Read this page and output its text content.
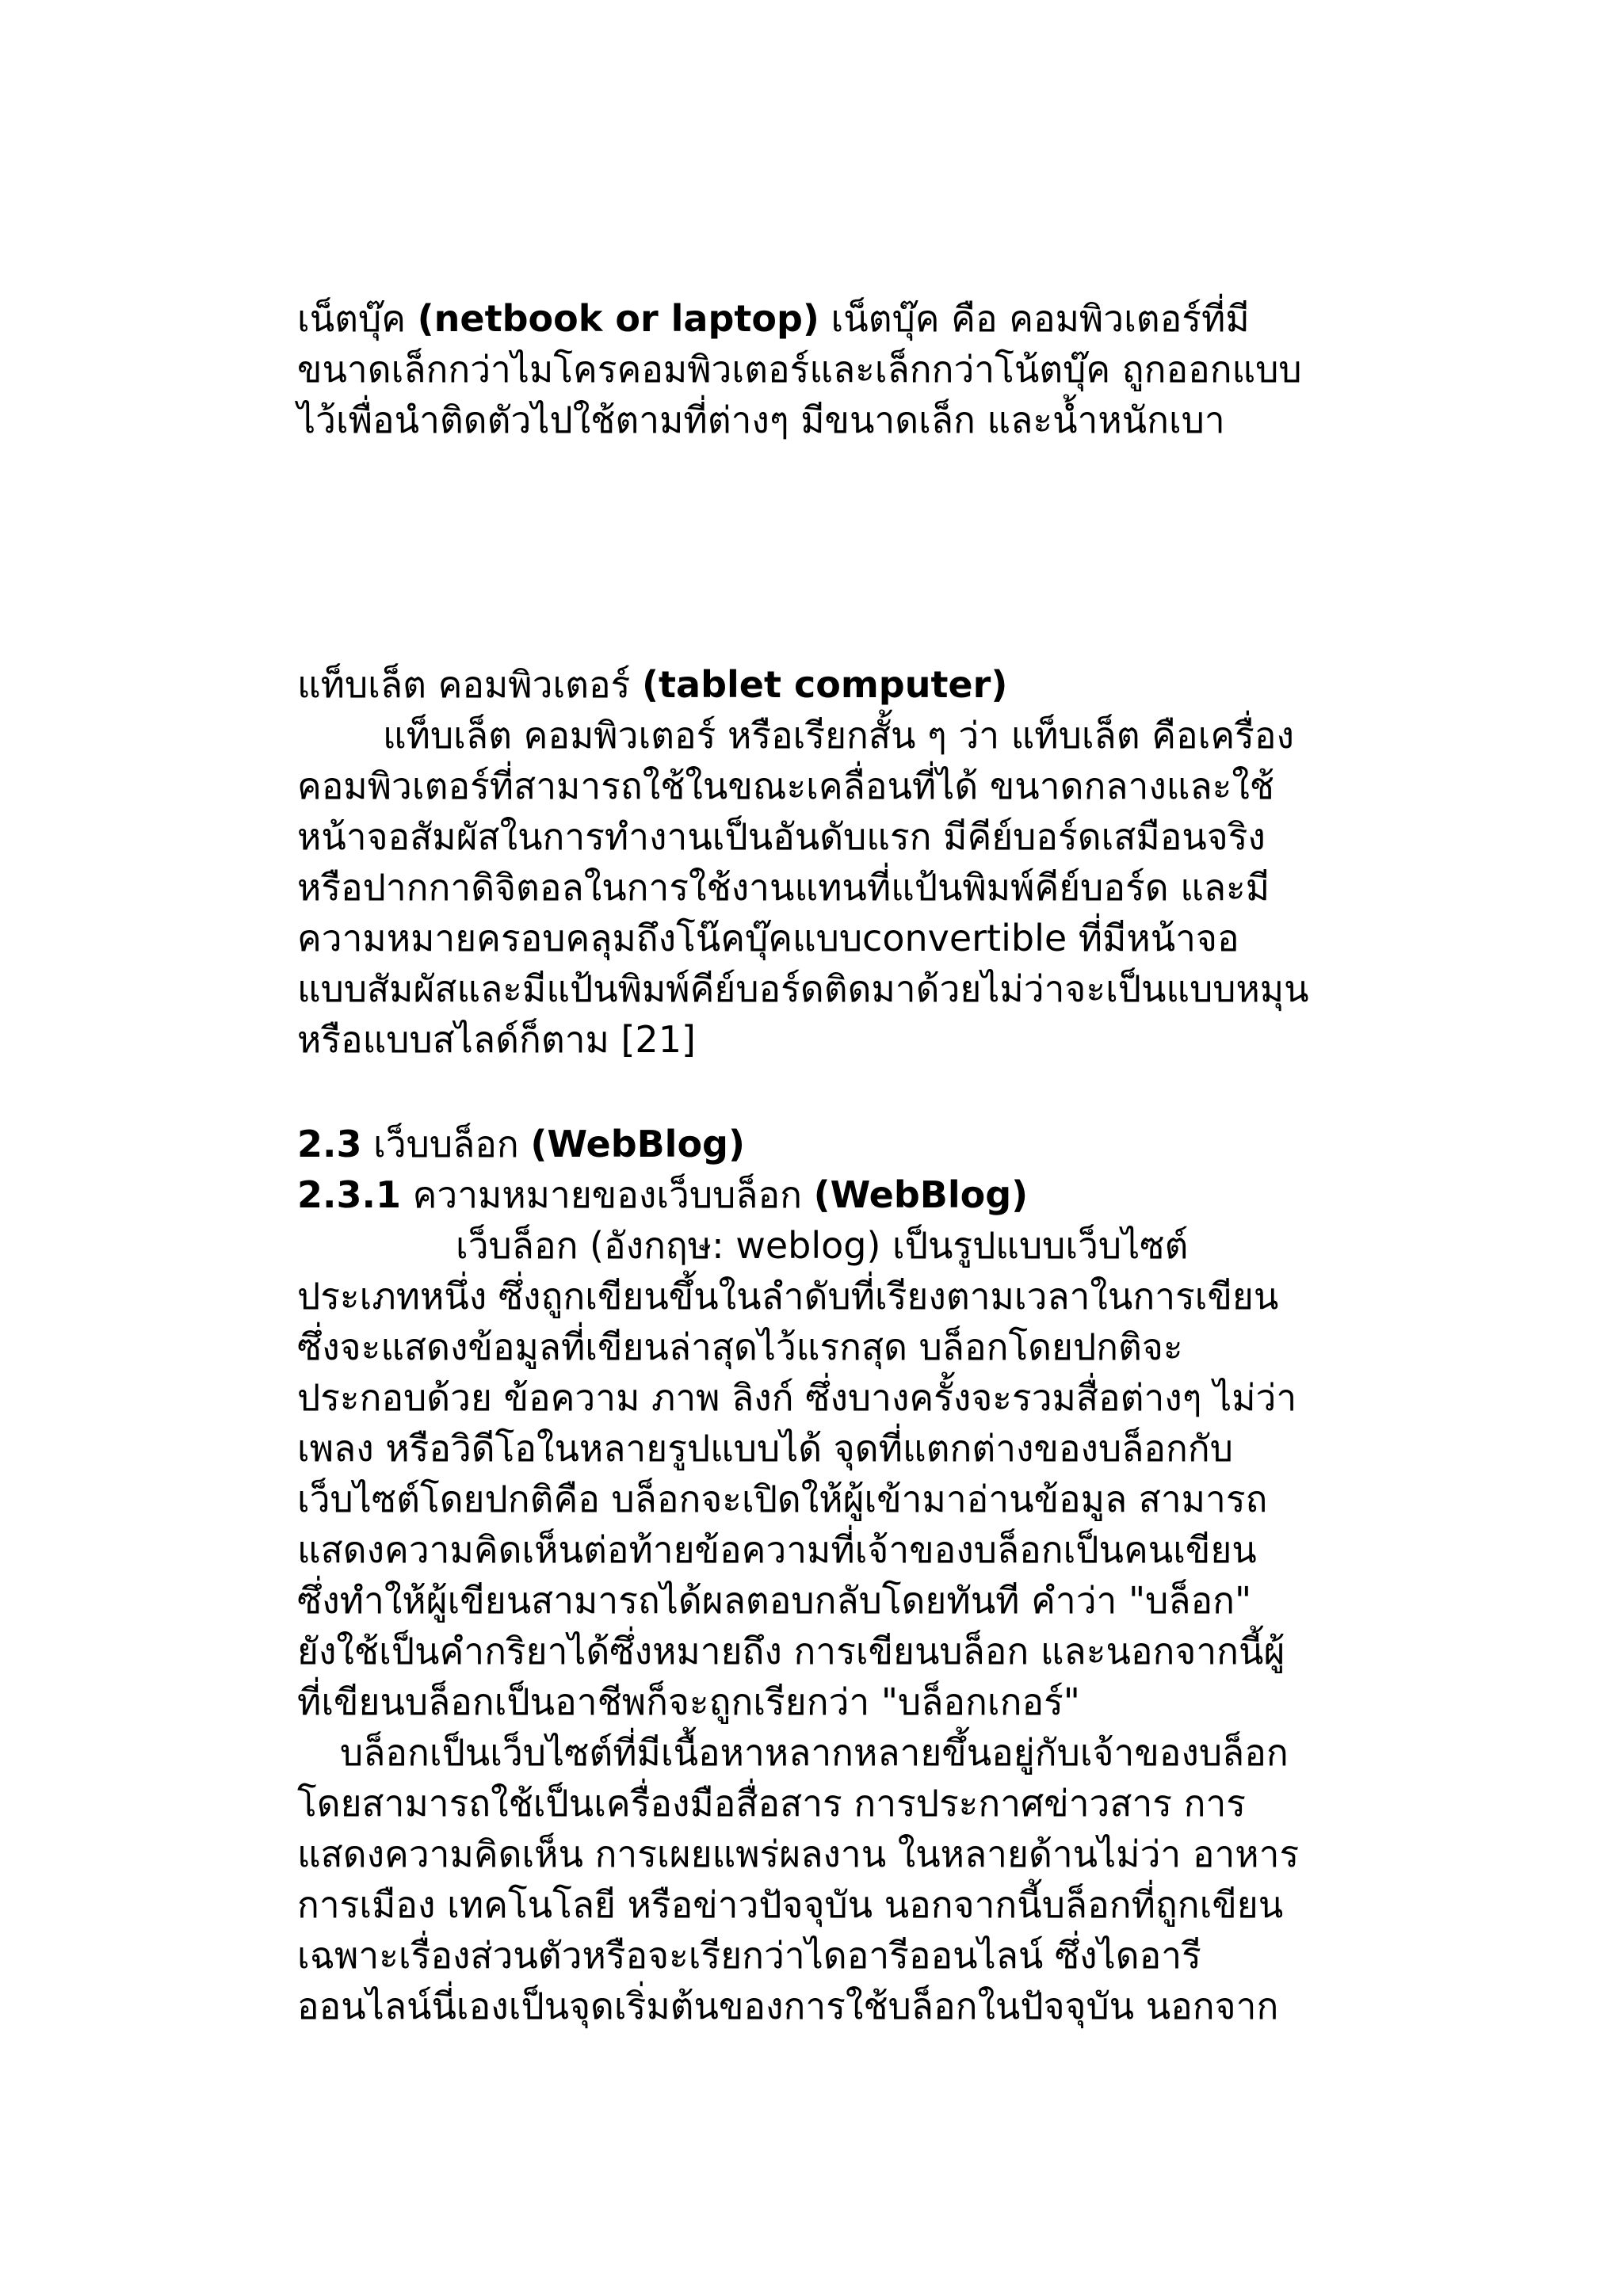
เน็ตบุ๊ค (netbook or laptop) เน็ตบุ๊ค คือ คอมพิวเตอร์ที่มี
ขนาดเล็กกว่าไมโครคอมพิวเตอร์และเล็กกว่าโน้ตบุ๊ค ถูกออกแบบ
ไว้เพื่อนำติดตัวไปใช้ตามที่ต่างๆ มีขนาดเล็ก และน้ำหนักเบา
แท็บเล็ต คอมพิวเตอร์ (tablet computer)
แท็บเล็ต คอมพิวเตอร์ หรือเรียกสั้น ๆ ว่า แท็บเล็ต คือเครื่อง
คอมพิวเตอร์ที่สามารถใช้ในขณะเคลื่อนที่ได้ ขนาดกลางและใช้
หน้าจอสัมผัสในการทำงานเป็นอันดับแรก มีคีย์บอร์ดเสมือนจริง
หรือปากกาดิจิตอลในการใช้งานแทนที่แป้นพิมพ์คีย์บอร์ด และมี
ความหมายครอบคลุมถึงโน๊คบุ๊คแบบconvertible ที่มีหน้าจอ
แบบสัมผัสและมีแป้นพิมพ์คีย์บอร์ดติดมาด้วยไม่ว่าจะเป็นแบบหมุน
หรือแบบสไลด์ก็ตาม [21]
2.3 เว็บบล็อก (WebBlog)
2.3.1 ความหมายของเว็บบล็อก (WebBlog)
เว็บล็อก (อังกฤษ: weblog) เป็นรูปแบบเว็บไซต์
ประเภทหนึ่ง ซึ่งถูกเขียนขึ้นในลำดับที่เรียงตามเวลาในการเขียน
ซึ่งจะแสดงข้อมูลที่เขียนล่าสุดไว้แรกสุด บล็อกโดยปกติจะ
ประกอบด้วย ข้อความ ภาพ ลิงก์ ซึ่งบางครั้งจะรวมสื่อต่างๆ ไม่ว่า
เพลง หรือวิดีโอในหลายรูปแบบได้ จุดที่แตกต่างของบล็อกกับ
เว็บไซต์โดยปกติคือ บล็อกจะเปิดให้ผู้เข้ามาอ่านข้อมูล สามารถ
แสดงความคิดเห็นต่อท้ายข้อความที่เจ้าของบล็อกเป็นคนเขียน
ซึ่งทำให้ผู้เขียนสามารถได้ผลตอบกลับโดยทันที คำว่า "บล็อก"
ยังใช้เป็นคำกริยาได้ซึ่งหมายถึง การเขียนบล็อก และนอกจากนี้ผู้
ที่เขียนบล็อกเป็นอาชีพก็จะถูกเรียกว่า "บล็อกเกอร์"
บล็อกเป็นเว็บไซต์ที่มีเนื้อหาหลากหลายขึ้นอยู่กับเจ้าของบล็อก
โดยสามารถใช้เป็นเครื่องมือสื่อสาร การประกาศข่าวสาร การ
แสดงความคิดเห็น การเผยแพร่ผลงาน ในหลายด้านไม่ว่า อาหาร
การเมือง เทคโนโลยี หรือข่าวปัจจุบัน นอกจากนี้บล็อกที่ถูกเขียน
เฉพาะเรื่องส่วนตัวหรือจะเรียกว่าไดอารีออนไลน์ ซึ่งไดอารี
ออนไลน์นี่เองเป็นจุดเริ่มต้นของการใช้บล็อกในปัจจุบัน นอกจาก
